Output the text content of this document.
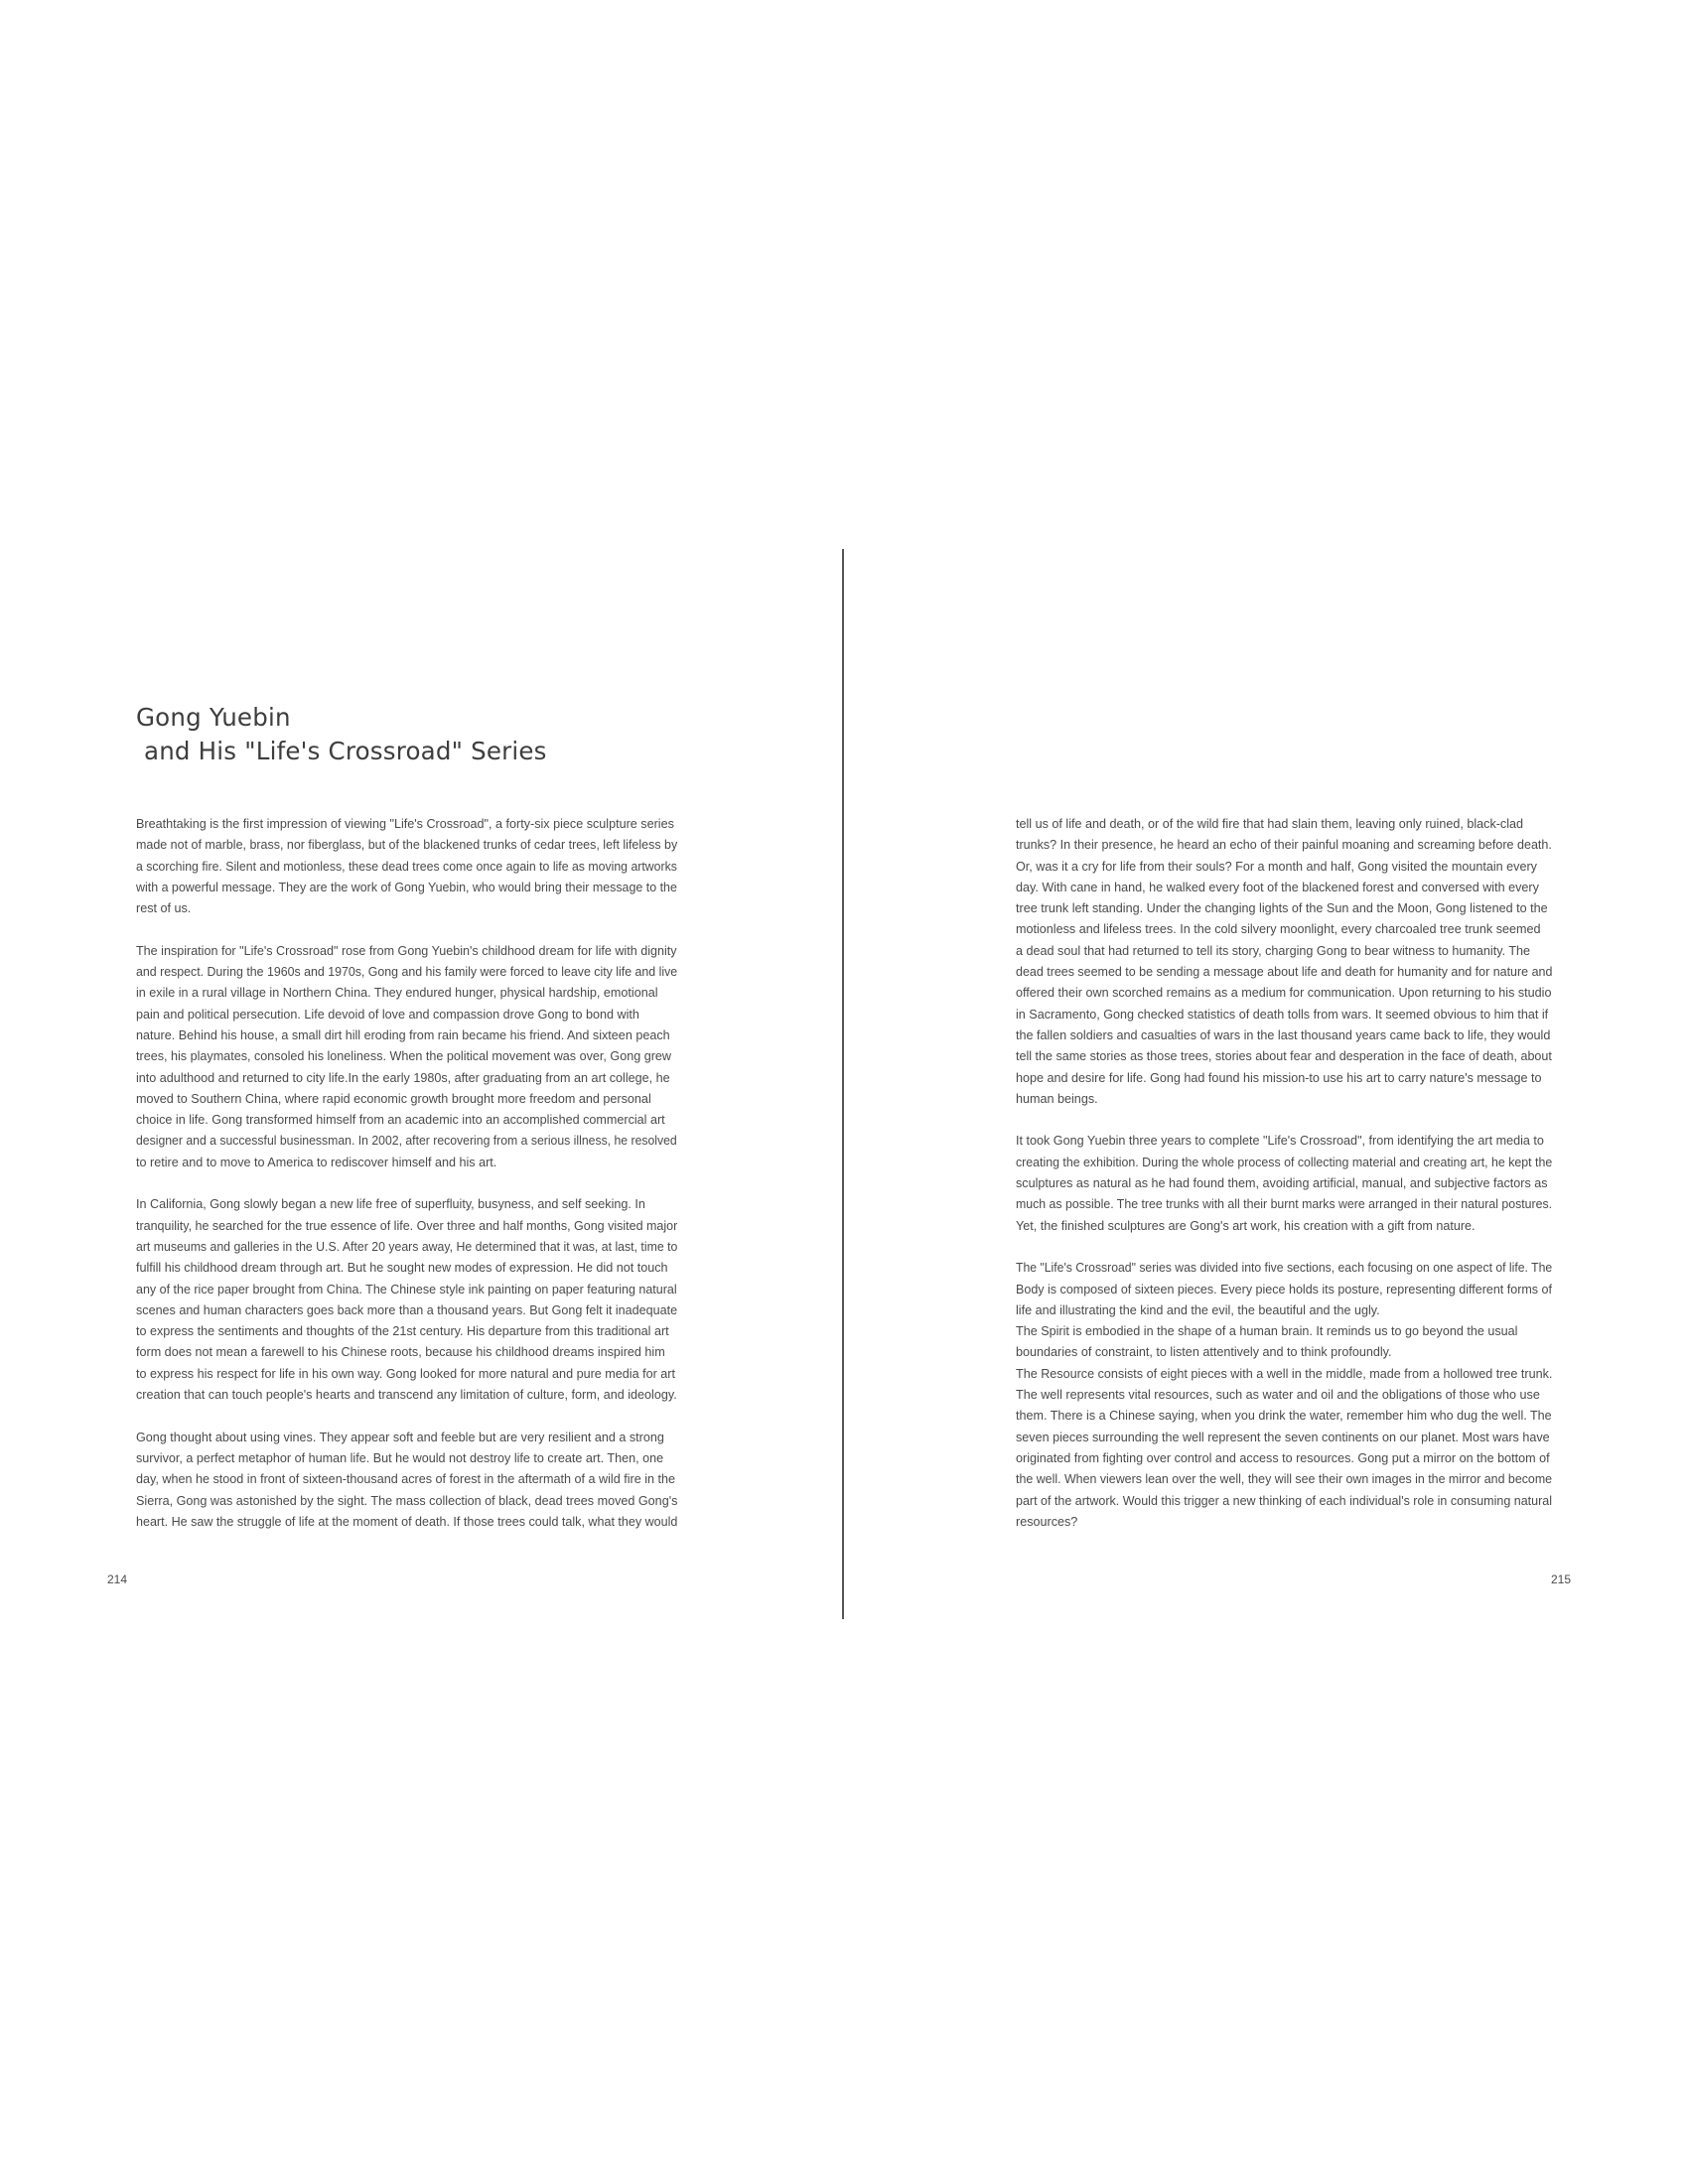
Gong Yuebin
and His "Life's Crossroad" Series

Breathtaking is the first impression of viewing "Life's Crossroad", a forty-six piece sculpture series
made not of marble, brass, nor fiberglass, but of the blackened trunks of cedar trees, left lifeless by
a scorching fire. Silent and motionless, these dead trees come once again to life as moving artworks
with a powerful message. They are the work of Gong Yuebin, who would bring their message to the
rest of us.

The inspiration for "Life's Crossroad" rose from Gong Yuebin's childhood dream for life with dignity
and respect. During the 1960s and 1970s, Gong and his family were forced to leave city life and live
in exile in a rural village in Northern China. They endured hunger, physical hardship, emotional
pain and political persecution. Life devoid of love and compassion drove Gong to bond with
nature. Behind his house, a small dirt hill eroding from rain became his friend. And sixteen peach
trees, his playmates, consoled his loneliness. When the political movement was over, Gong grew
into adulthood and returned to city life.In the early 1980s, after graduating from an art college, he
moved to Southern China, where rapid economic growth brought more freedom and personal
choice in life. Gong transformed himself from an academic into an accomplished commercial art
designer and a successful businessman. In 2002, after recovering from a serious illness, he resolved
to retire and to move to America to rediscover himself and his art.

In California, Gong slowly began a new life free of superfluity, busyness, and self seeking. In
tranquility, he searched for the true essence of life. Over three and half months, Gong visited major
art museums and galleries in the U.S. After 20 years away, He determined that it was, at last, time to
fulfill his childhood dream through art. But he sought new modes of expression. He did not touch
any of the rice paper brought from China. The Chinese style ink painting on paper featuring natural
scenes and human characters goes back more than a thousand years. But Gong felt it inadequate
to express the sentiments and thoughts of the 21st century. His departure from this traditional art
form does not mean a farewell to his Chinese roots, because his childhood dreams inspired him
to express his respect for life in his own way. Gong looked for more natural and pure media for art
creation that can touch people's hearts and transcend any limitation of culture, form, and ideology.

Gong thought about using vines. They appear soft and feeble but are very resilient and a strong
survivor, a perfect metaphor of human life. But he would not destroy life to create art. Then, one
day, when he stood in front of sixteen-thousand acres of forest in the aftermath of a wild fire in the
Sierra, Gong was astonished by the sight. The mass collection of black, dead trees moved Gong's
heart. He saw the struggle of life at the moment of death. If those trees could talk, what they would

tell us of life and death, or of the wild fire that had slain them, leaving only ruined, black-clad
trunks? In their presence, he heard an echo of their painful moaning and screaming before death.
Or, was it a cry for life from their souls? For a month and half, Gong visited the mountain every
day. With cane in hand, he walked every foot of the blackened forest and conversed with every
tree trunk left standing. Under the changing lights of the Sun and the Moon, Gong listened to the
motionless and lifeless trees. In the cold silvery moonlight, every charcoaled tree trunk seemed
a dead soul that had returned to tell its story, charging Gong to bear witness to humanity. The
dead trees seemed to be sending a message about life and death for humanity and for nature and
offered their own scorched remains as a medium for communication. Upon returning to his studio
in Sacramento, Gong checked statistics of death tolls from wars. It seemed obvious to him that if
the fallen soldiers and casualties of wars in the last thousand years came back to life, they would
tell the same stories as those trees, stories about fear and desperation in the face of death, about
hope and desire for life. Gong had found his mission-to use his art to carry nature's message to
human beings.

It took Gong Yuebin three years to complete "Life's Crossroad", from identifying the art media to
creating the exhibition. During the whole process of collecting material and creating art, he kept the
sculptures as natural as he had found them, avoiding artificial, manual, and subjective factors as
much as possible. The tree trunks with all their burnt marks were arranged in their natural postures.
Yet, the finished sculptures are Gong's art work, his creation with a gift from nature.

The "Life's Crossroad" series was divided into five sections, each focusing on one aspect of life. The
Body is composed of sixteen pieces. Every piece holds its posture, representing different forms of
life and illustrating the kind and the evil, the beautiful and the ugly.
The Spirit is embodied in the shape of a human brain. It reminds us to go beyond the usual
boundaries of constraint, to listen attentively and to think profoundly.
The Resource consists of eight pieces with a well in the middle, made from a hollowed tree trunk.
The well represents vital resources, such as water and oil and the obligations of those who use
them. There is a Chinese saying, when you drink the water, remember him who dug the well. The
seven pieces surrounding the well represent the seven continents on our planet. Most wars have
originated from fighting over control and access to resources. Gong put a mirror on the bottom of
the well. When viewers lean over the well, they will see their own images in the mirror and become
part of the artwork. Would this trigger a new thinking of each individual's role in consuming natural
resources?

214	215
